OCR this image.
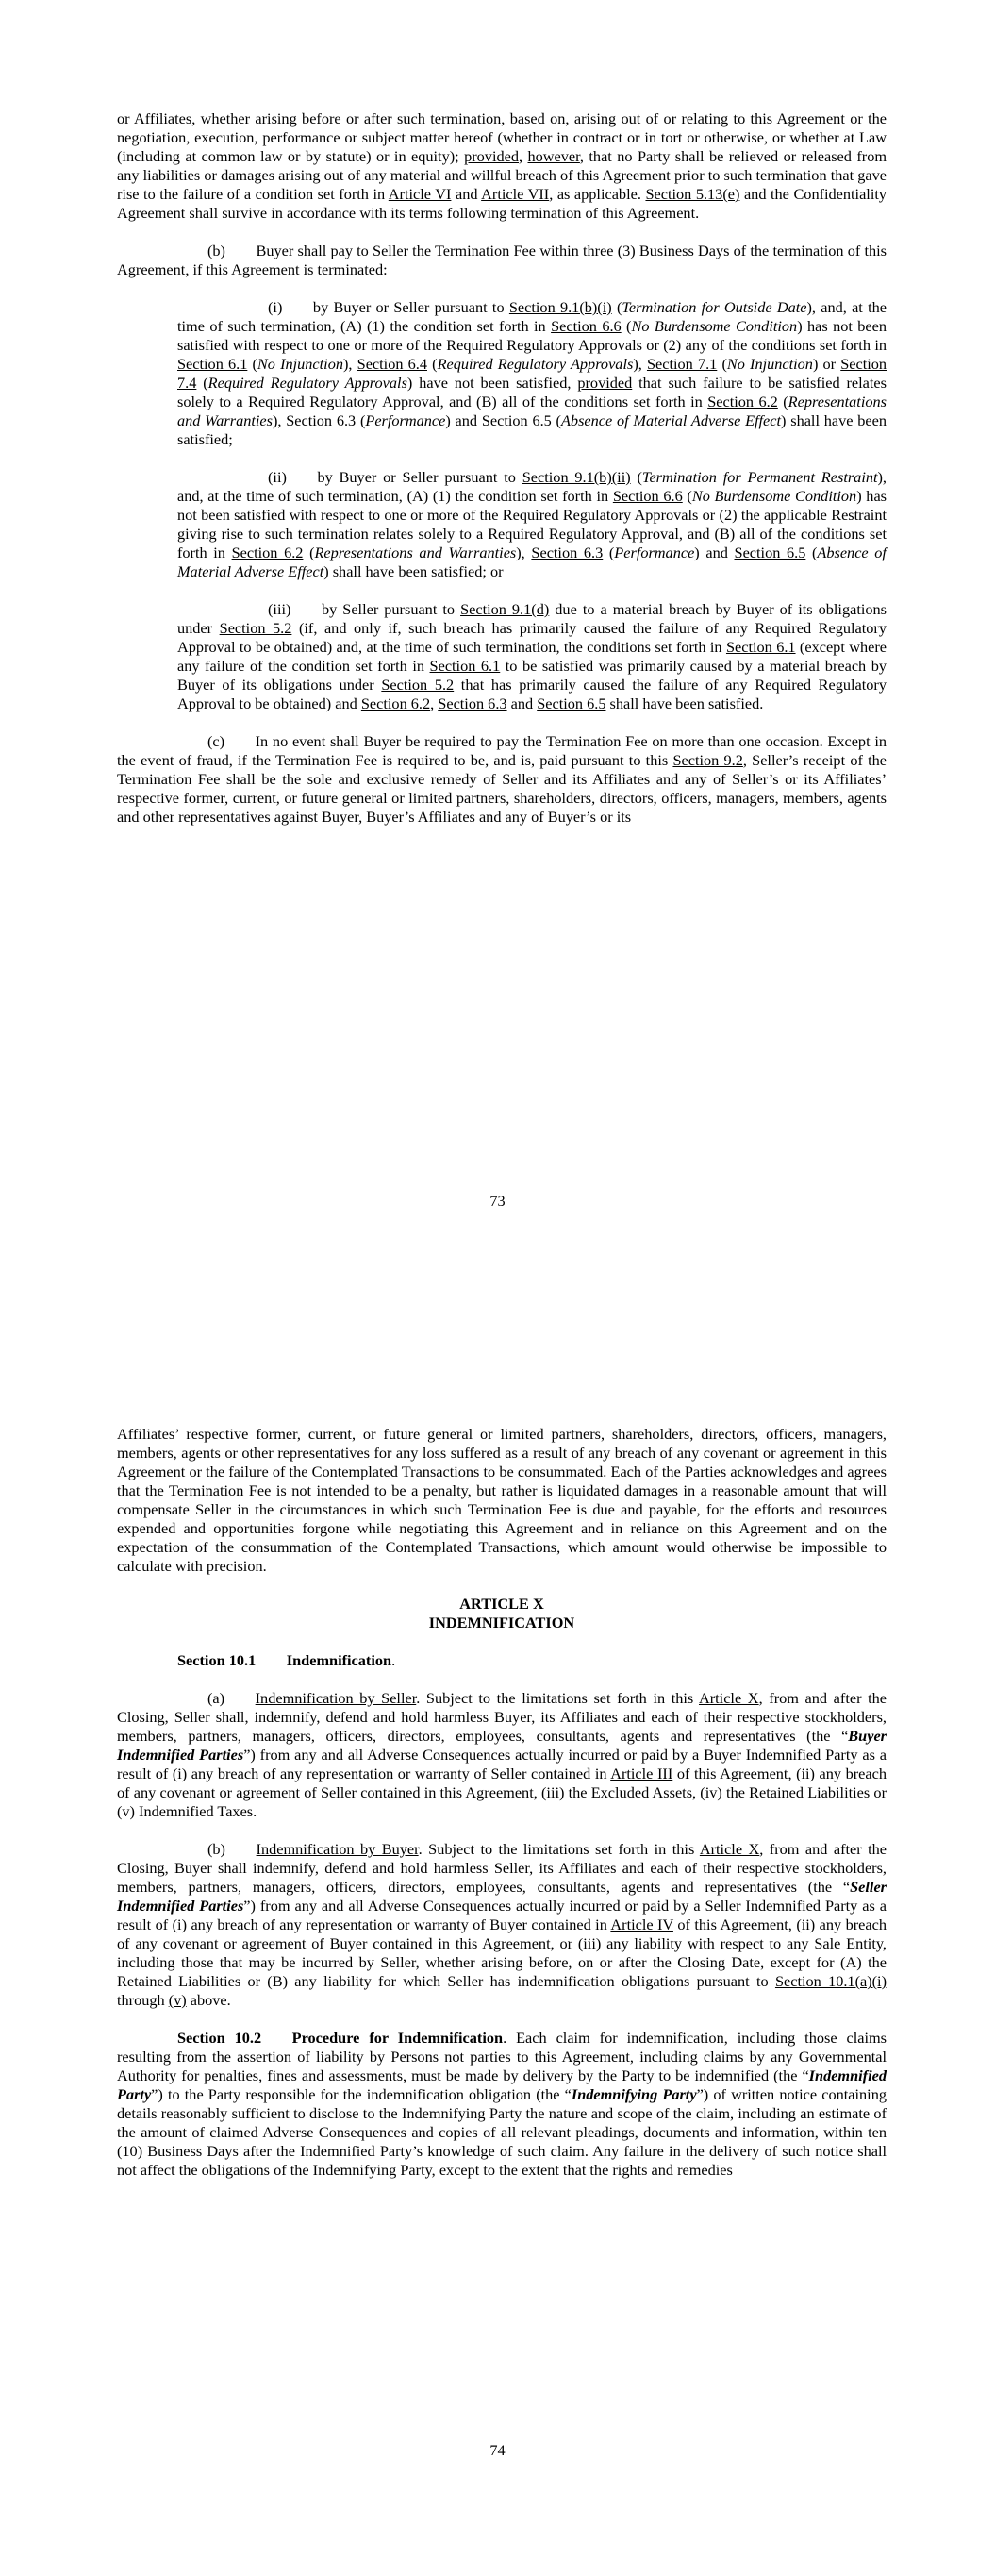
or Affiliates, whether arising before or after such termination, based on, arising out of or relating to this Agreement or the negotiation, execution, performance or subject matter hereof (whether in contract or in tort or otherwise, or whether at Law (including at common law or by statute) or in equity); provided, however, that no Party shall be relieved or released from any liabilities or damages arising out of any material and willful breach of this Agreement prior to such termination that gave rise to the failure of a condition set forth in Article VI and Article VII, as applicable. Section 5.13(e) and the Confidentiality Agreement shall survive in accordance with its terms following termination of this Agreement.

(b)  Buyer shall pay to Seller the Termination Fee within three (3) Business Days of the termination of this Agreement, if this Agreement is terminated:

(i)  by Buyer or Seller pursuant to Section 9.1(b)(i) (Termination for Outside Date), and, at the time of such termination, (A) (1) the condition set forth in Section 6.6 (No Burdensome Condition) has not been satisfied with respect to one or more of the Required Regulatory Approvals or (2) any of the conditions set forth in Section 6.1 (No Injunction), Section 6.4 (Required Regulatory Approvals), Section 7.1 (No Injunction) or Section 7.4 (Required Regulatory Approvals) have not been satisfied, provided that such failure to be satisfied relates solely to a Required Regulatory Approval, and (B) all of the conditions set forth in Section 6.2 (Representations and Warranties), Section 6.3 (Performance) and Section 6.5 (Absence of Material Adverse Effect) shall have been satisfied;

(ii)  by Buyer or Seller pursuant to Section 9.1(b)(ii) (Termination for Permanent Restraint), and, at the time of such termination, (A) (1) the condition set forth in Section 6.6 (No Burdensome Condition) has not been satisfied with respect to one or more of the Required Regulatory Approvals or (2) the applicable Restraint giving rise to such termination relates solely to a Required Regulatory Approval, and (B) all of the conditions set forth in Section 6.2 (Representations and Warranties), Section 6.3 (Performance) and Section 6.5 (Absence of Material Adverse Effect) shall have been satisfied; or

(iii)  by Seller pursuant to Section 9.1(d) due to a material breach by Buyer of its obligations under Section 5.2 (if, and only if, such breach has primarily caused the failure of any Required Regulatory Approval to be obtained) and, at the time of such termination, the conditions set forth in Section 6.1 (except where any failure of the condition set forth in Section 6.1 to be satisfied was primarily caused by a material breach by Buyer of its obligations under Section 5.2 that has primarily caused the failure of any Required Regulatory Approval to be obtained) and Section 6.2, Section 6.3 and Section 6.5 shall have been satisfied.

(c)  In no event shall Buyer be required to pay the Termination Fee on more than one occasion. Except in the event of fraud, if the Termination Fee is required to be, and is, paid pursuant to this Section 9.2, Seller’s receipt of the Termination Fee shall be the sole and exclusive remedy of Seller and its Affiliates and any of Seller’s or its Affiliates’ respective former, current, or future general or limited partners, shareholders, directors, officers, managers, members, agents and other representatives against Buyer, Buyer’s Affiliates and any of Buyer’s or its

73

Affiliates’ respective former, current, or future general or limited partners, shareholders, directors, officers, managers, members, agents or other representatives for any loss suffered as a result of any breach of any covenant or agreement in this Agreement or the failure of the Contemplated Transactions to be consummated. Each of the Parties acknowledges and agrees that the Termination Fee is not intended to be a penalty, but rather is liquidated damages in a reasonable amount that will compensate Seller in the circumstances in which such Termination Fee is due and payable, for the efforts and resources expended and opportunities forgone while negotiating this Agreement and in reliance on this Agreement and on the expectation of the consummation of the Contemplated Transactions, which amount would otherwise be impossible to calculate with precision.

ARTICLE X

INDEMNIFICATION

Section 10.1   Indemnification.

(a)  Indemnification by Seller. Subject to the limitations set forth in this Article X, from and after the Closing, Seller shall, indemnify, defend and hold harmless Buyer, its Affiliates and each of their respective stockholders, members, partners, managers, officers, directors, employees, consultants, agents and representatives (the “Buyer Indemnified Parties”) from any and all Adverse Consequences actually incurred or paid by a Buyer Indemnified Party as a result of (i) any breach of any representation or warranty of Seller contained in Article III of this Agreement, (ii) any breach of any covenant or agreement of Seller contained in this Agreement, (iii) the Excluded Assets, (iv) the Retained Liabilities or (v) Indemnified Taxes.

(b)  Indemnification by Buyer. Subject to the limitations set forth in this Article X, from and after the Closing, Buyer shall indemnify, defend and hold harmless Seller, its Affiliates and each of their respective stockholders, members, partners, managers, officers, directors, employees, consultants, agents and representatives (the “Seller Indemnified Parties”) from any and all Adverse Consequences actually incurred or paid by a Seller Indemnified Party as a result of (i) any breach of any representation or warranty of Buyer contained in Article IV of this Agreement, (ii) any breach of any covenant or agreement of Buyer contained in this Agreement, or (iii) any liability with respect to any Sale Entity, including those that may be incurred by Seller, whether arising before, on or after the Closing Date, except for (A) the Retained Liabilities or (B) any liability for which Seller has indemnification obligations pursuant to Section 10.1(a)(i) through (v) above.

Section 10.2   Procedure for Indemnification. Each claim for indemnification, including those claims resulting from the assertion of liability by Persons not parties to this Agreement, including claims by any Governmental Authority for penalties, fines and assessments, must be made by delivery by the Party to be indemnified (the “Indemnified Party”) to the Party responsible for the indemnification obligation (the “Indemnifying Party”) of written notice containing details reasonably sufficient to disclose to the Indemnifying Party the nature and scope of the claim, including an estimate of the amount of claimed Adverse Consequences and copies of all relevant pleadings, documents and information, within ten (10) Business Days after the Indemnified Party’s knowledge of such claim. Any failure in the delivery of such notice shall not affect the obligations of the Indemnifying Party, except to the extent that the rights and remedies

74
